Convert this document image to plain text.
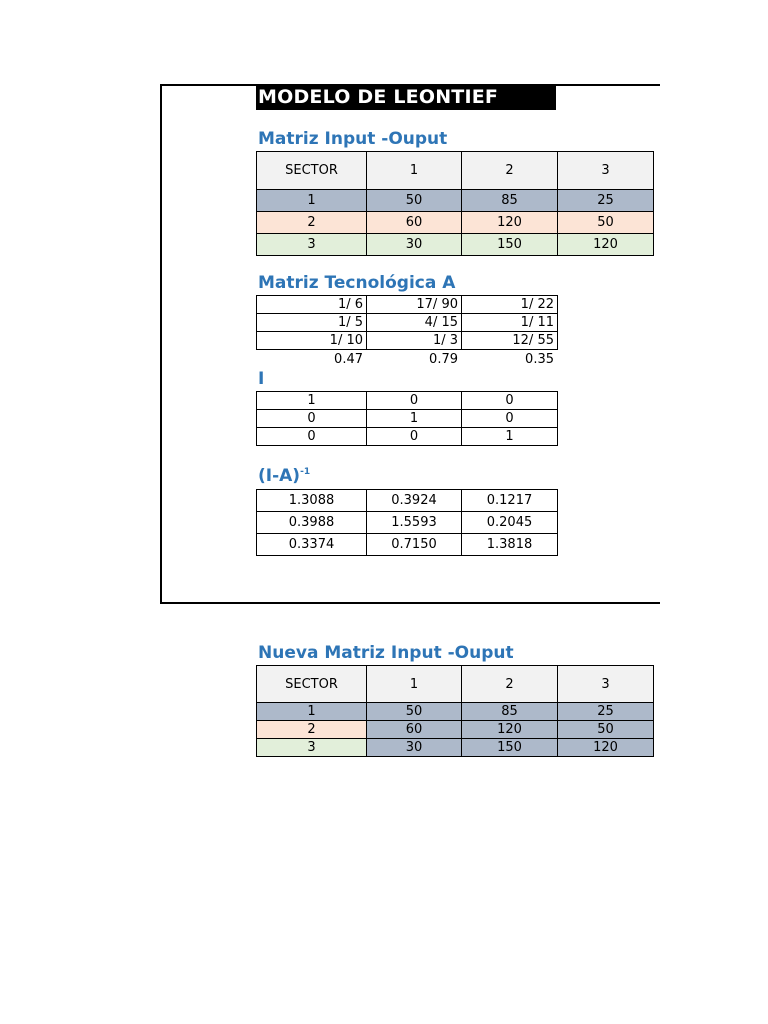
MODELO DE LEONTIEF
Matriz Input -Ouput
SECTOR	1	2	3
1	50	85	25
2	60	120	50
3	30	150	120
Matriz Tecnológica A
1/ 6	17/ 90	1/ 22
1/ 5	4/ 15	1/ 11
1/ 10	1/ 3	12/ 55
0.47	0.79	0.35
I
1	0	0
0	1	0
0	0	1
$(I-A)^{-1}$
1.3088	0.3924	0.1217
0.3988	1.5593	0.2045
0.3374	0.7150	1.3818
Nueva Matriz Input -Ouput
SECTOR	1	2	3
1	50	85	25
2	60	120	50
3	30	150	120
